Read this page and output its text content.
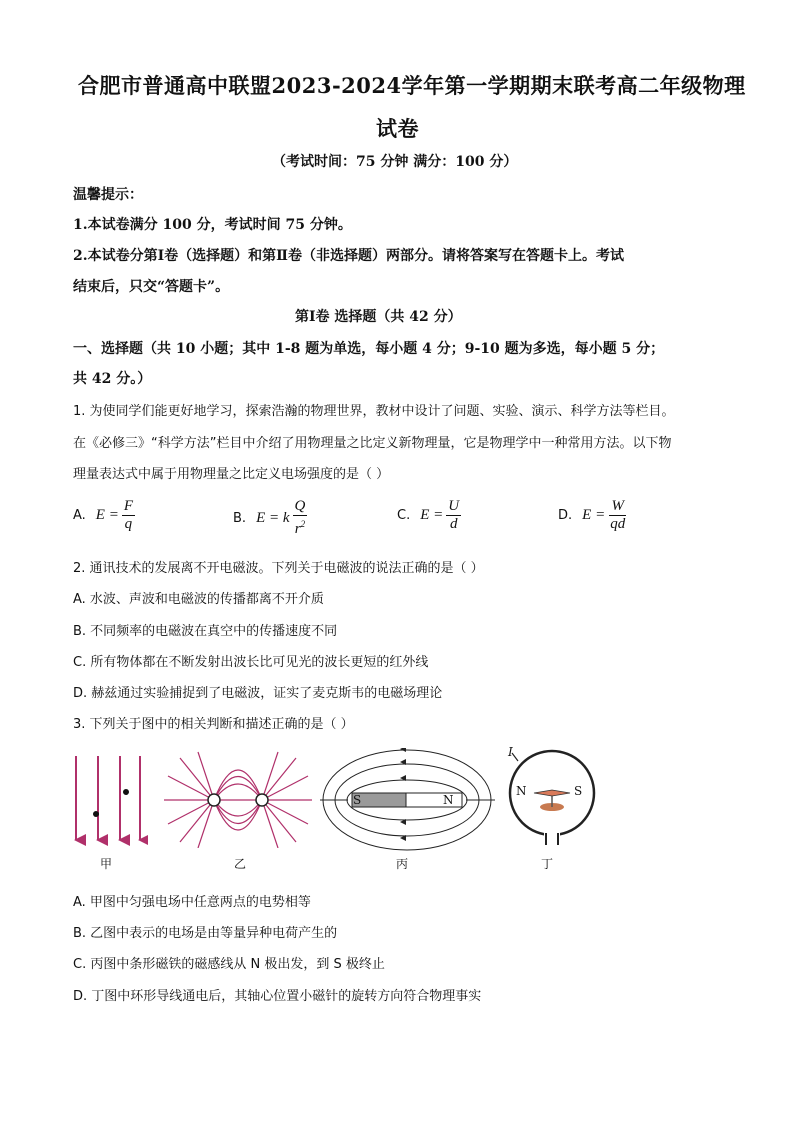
合肥市普通高中联盟2023-2024学年第一学期期末联考高二年级物理
试卷
（考试时间：75 分钟 满分：100 分）
温馨提示：
1.本试卷满分 100 分，考试时间 75 分钟。
2.本试卷分第Ⅰ卷（选择题）和第Ⅱ卷（非选择题）两部分。请将答案写在答题卡上。考试
结束后，只交“答题卡”。
第Ⅰ卷 选择题（共 42 分）
一、选择题（共 10 小题；其中 1-8 题为单选，每小题 4 分；9-10 题为多选，每小题 5 分；
共 42 分。）
1. 为使同学们能更好地学习，探索浩瀚的物理世界，教材中设计了问题、实验、演示、科学方法等栏目。
在《必修三》“科学方法”栏目中介绍了用物理量之比定义新物理量，它是物理学中一种常用方法。以下物
理量表达式中属于用物理量之比定义电场强度的是（ ）
A. $E = \frac{F}{q}$	B. E = k $\frac{Q}{r^2}$	C. $E = \frac{U}{d}$	D. $E = \frac{W}{qd}$
2. 通讯技术的发展离不开电磁波。下列关于电磁波的说法正确的是（ ）
A. 水波、声波和电磁波的传播都离不开介质
B. 不同频率的电磁波在真空中的传播速度不同
C. 所有物体都在不断发射出波长比可见光的波长更短的红外线
D. 赫兹通过实验捕捉到了电磁波，证实了麦克斯韦的电磁场理论
3. 下列关于图中的相关判断和描述正确的是（ ）
甲	乙
S	N
丙
I
N	S
丁
A. 甲图中匀强电场中任意两点的电势相等
B. 乙图中表示的电场是由等量异种电荷产生的
C. 丙图中条形磁铁的磁感线从 N 极出发，到 S 极终止
D. 丁图中环形导线通电后，其轴心位置小磁针的旋转方向符合物理事实
